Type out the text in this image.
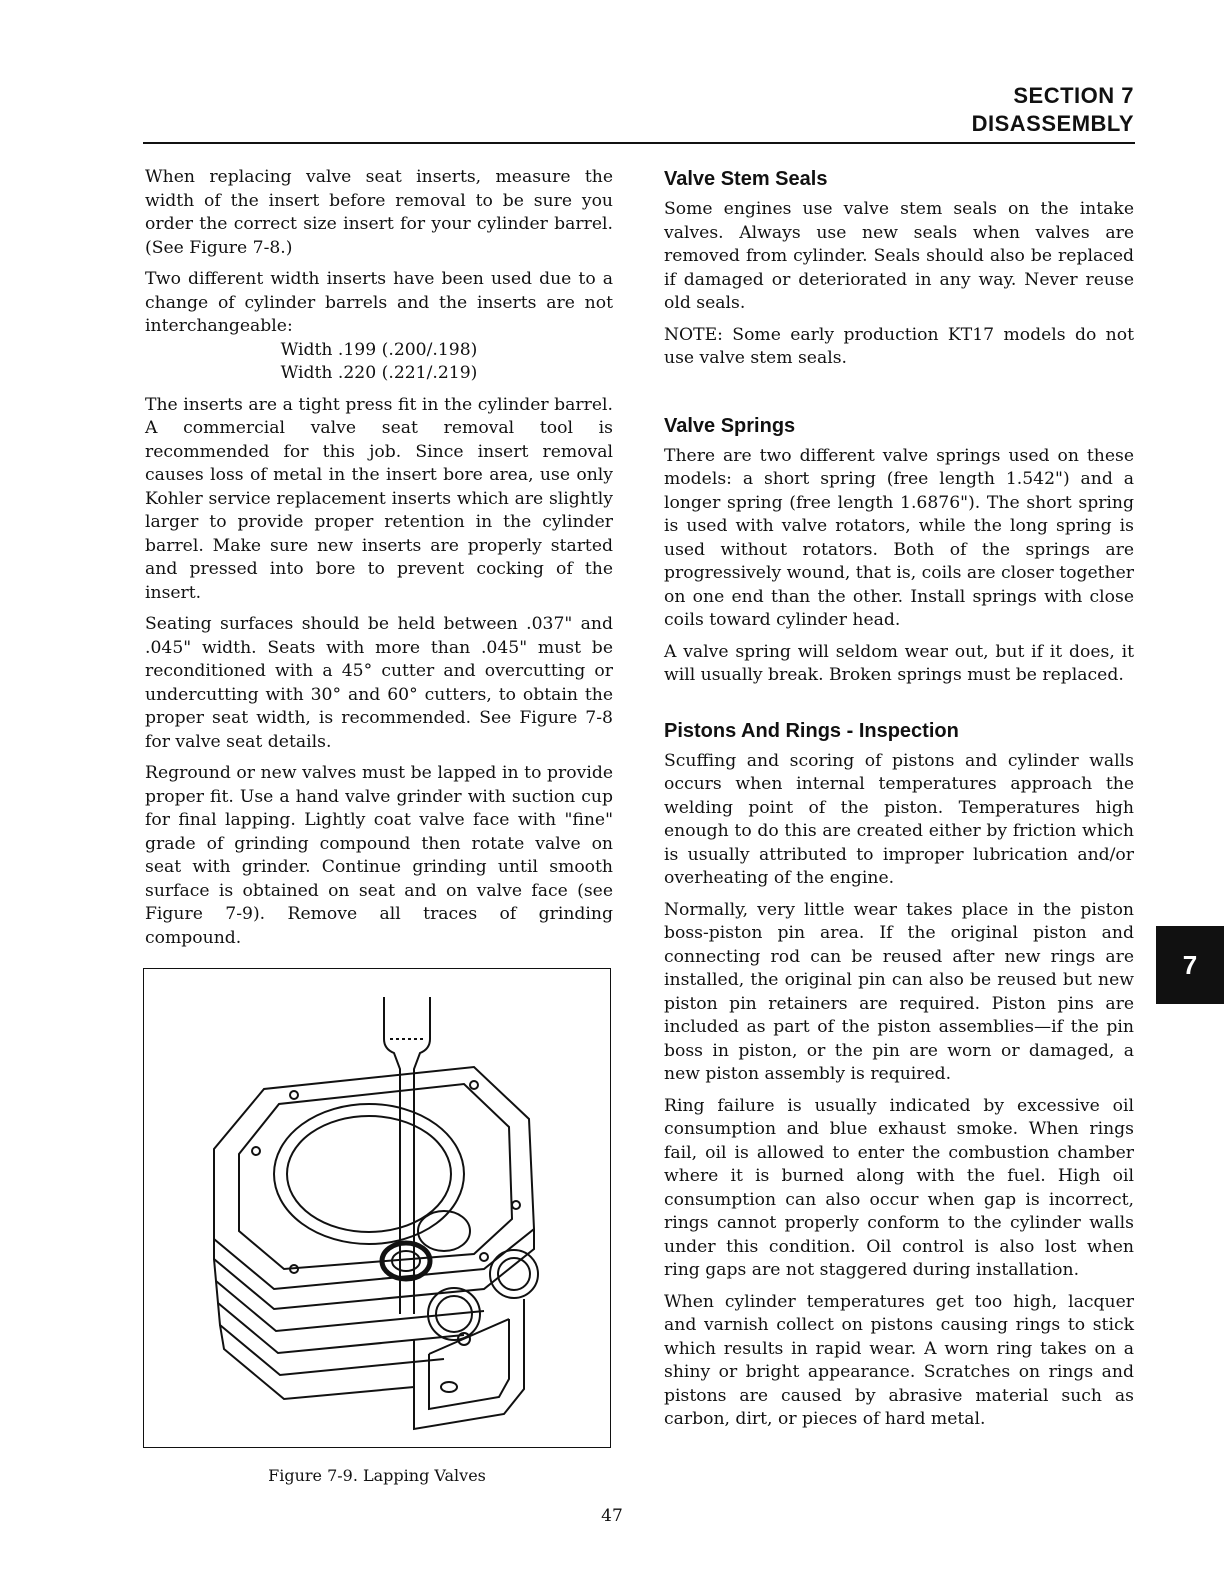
SECTION 7
DISASSEMBLY

When replacing valve seat inserts, measure the width of the insert before removal to be sure you order the correct size insert for your cylinder barrel. (See Figure 7-8.)

Two different width inserts have been used due to a change of cylinder barrels and the inserts are not interchangeable:

Width .199 (.200/.198)

Width .220 (.221/.219)

The inserts are a tight press fit in the cylinder barrel. A commercial valve seat removal tool is recommended for this job. Since insert removal causes loss of metal in the insert bore area, use only Kohler service replacement inserts which are slightly larger to provide proper retention in the cylinder barrel. Make sure new inserts are properly started and pressed into bore to prevent cocking of the insert.

Seating surfaces should be held between .037" and .045" width. Seats with more than .045" must be reconditioned with a 45° cutter and overcutting or undercutting with 30° and 60° cutters, to obtain the proper seat width, is recommended. See Figure 7-8 for valve seat details.

Reground or new valves must be lapped in to provide proper fit. Use a hand valve grinder with suction cup for final lapping. Lightly coat valve face with "fine" grade of grinding compound then rotate valve on seat with grinder. Continue grinding until smooth surface is obtained on seat and on valve face (see Figure 7-9). Remove all traces of grinding compound.

Figure 7-9. Lapping Valves
Valve Stem Seals

Some engines use valve stem seals on the intake valves. Always use new seals when valves are removed from cylinder. Seals should also be replaced if damaged or deteriorated in any way. Never reuse old seals.

NOTE: Some early production KT17 models do not use valve stem seals.

Valve Springs

There are two different valve springs used on these models: a short spring (free length 1.542") and a longer spring (free length 1.6876"). The short spring is used with valve rotators, while the long spring is used without rotators. Both of the springs are progressively wound, that is, coils are closer together on one end than the other. Install springs with close coils toward cylinder head.

A valve spring will seldom wear out, but if it does, it will usually break. Broken springs must be replaced.

Pistons And Rings - Inspection

Scuffing and scoring of pistons and cylinder walls occurs when internal temperatures approach the welding point of the piston. Temperatures high enough to do this are created either by friction which is usually attributed to improper lubrication and/or overheating of the engine.

Normally, very little wear takes place in the piston boss-piston pin area. If the original piston and connecting rod can be reused after new rings are installed, the original pin can also be reused but new piston pin retainers are required. Piston pins are included as part of the piston assemblies—if the pin boss in piston, or the pin are worn or damaged, a new piston assembly is required.

Ring failure is usually indicated by excessive oil consumption and blue exhaust smoke. When rings fail, oil is allowed to enter the combustion chamber where it is burned along with the fuel. High oil consumption can also occur when gap is incorrect, rings cannot properly conform to the cylinder walls under this condition. Oil control is also lost when ring gaps are not staggered during installation.

When cylinder temperatures get too high, lacquer and varnish collect on pistons causing rings to stick which results in rapid wear. A worn ring takes on a shiny or bright appearance. Scratches on rings and pistons are caused by abrasive material such as carbon, dirt, or pieces of hard metal.

7
47
